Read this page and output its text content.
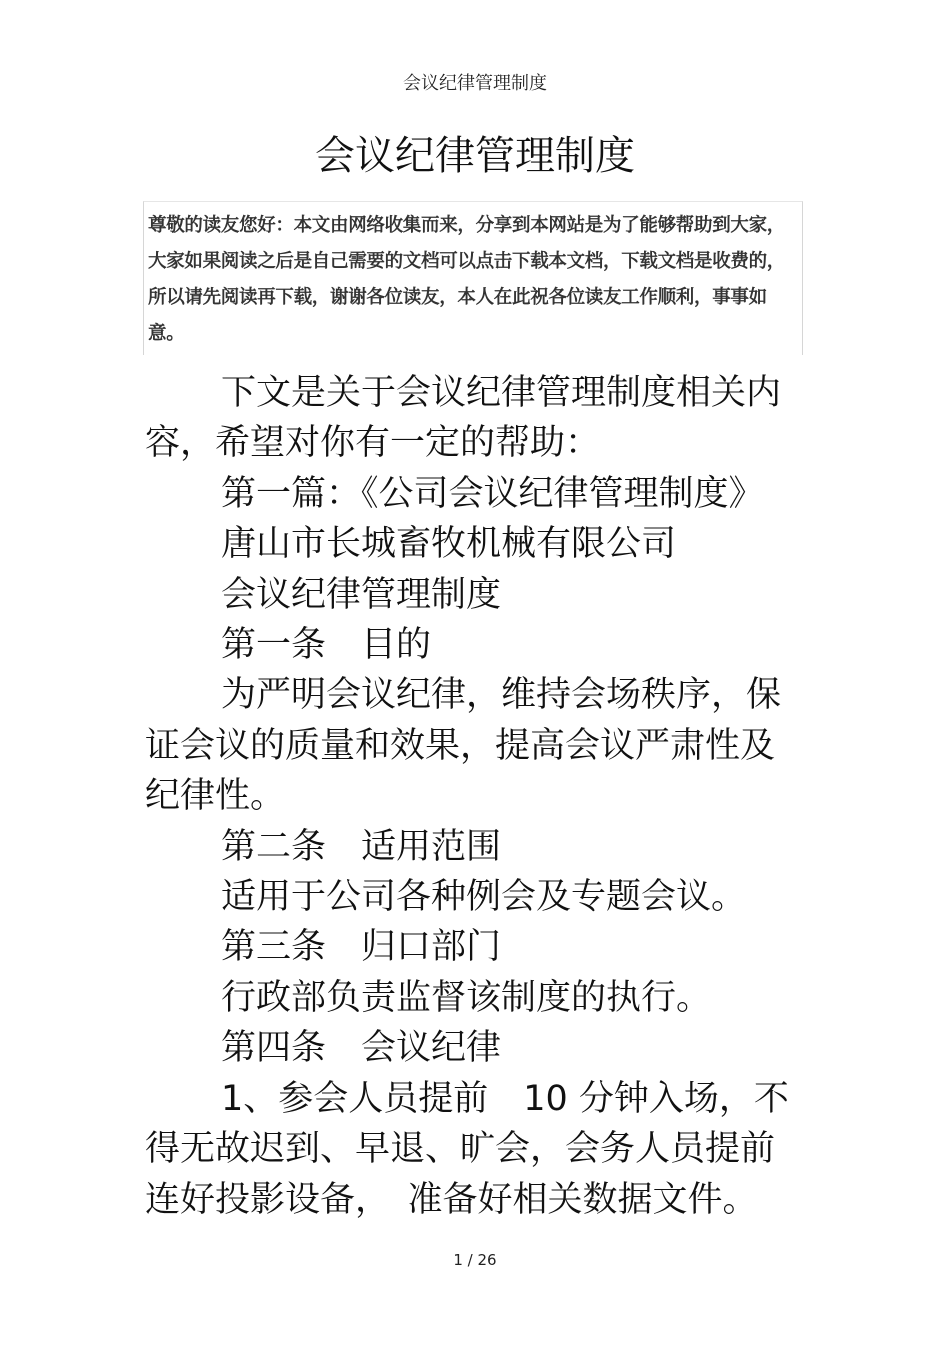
会议纪律管理制度
会议纪律管理制度
尊敬的读友您好：本文由网络收集而来，分享到本网站是为了能够帮助到大家，大家如果阅读之后是自己需要的文档可以点击下载本文档，下载文档是收费的，所以请先阅读再下载，谢谢各位读友，本人在此祝各位读友工作顺利，事事如意。

下文是关于会议纪律管理制度相关内容，希望对你有一定的帮助：

第一篇：《公司会议纪律管理制度》

唐山市长城畜牧机械有限公司

会议纪律管理制度

第一条　目的

为严明会议纪律，维持会场秩序，保证会议的质量和效果，提高会议严肃性及纪律性。

第二条　适用范围

适用于公司各种例会及专题会议。

第三条　归口部门

行政部负责监督该制度的执行。

第四条　会议纪律

1、参会人员提前　10 分钟入场，不得无故迟到、早退、旷会，会务人员提前连好投影设备，　准备好相关数据文件。

1 / 26
